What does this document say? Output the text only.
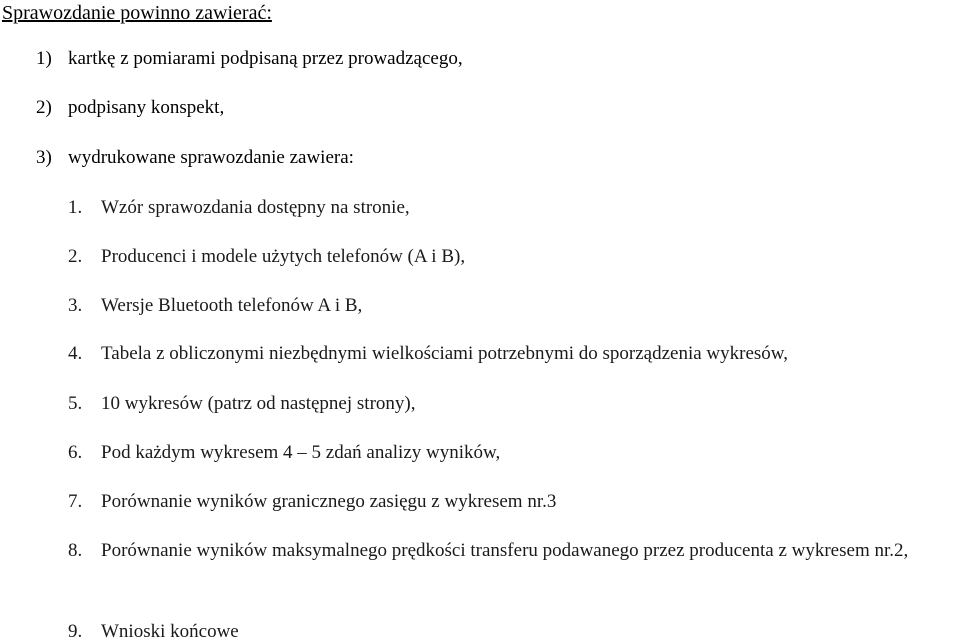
Sprawozdanie powinno zawierać:
1) kartkę z pomiarami podpisaną przez prowadzącego,
2) podpisany konspekt,
3) wydrukowane sprawozdanie zawiera:
1. Wzór sprawozdania dostępny na stronie,
2. Producenci i modele użytych telefonów (A i B),
3. Wersje Bluetooth telefonów A i B,
4. Tabela z obliczonymi niezbędnymi wielkościami potrzebnymi do sporządzenia wykresów,
5. 10 wykresów (patrz od następnej strony),
6. Pod każdym wykresem 4 – 5 zdań analizy wyników,
7. Porównanie wyników granicznego zasięgu z wykresem nr.3
8. Porównanie wyników maksymalnego prędkości transferu podawanego przez producenta z wykresem nr.2,
9. Wnioski końcowe
